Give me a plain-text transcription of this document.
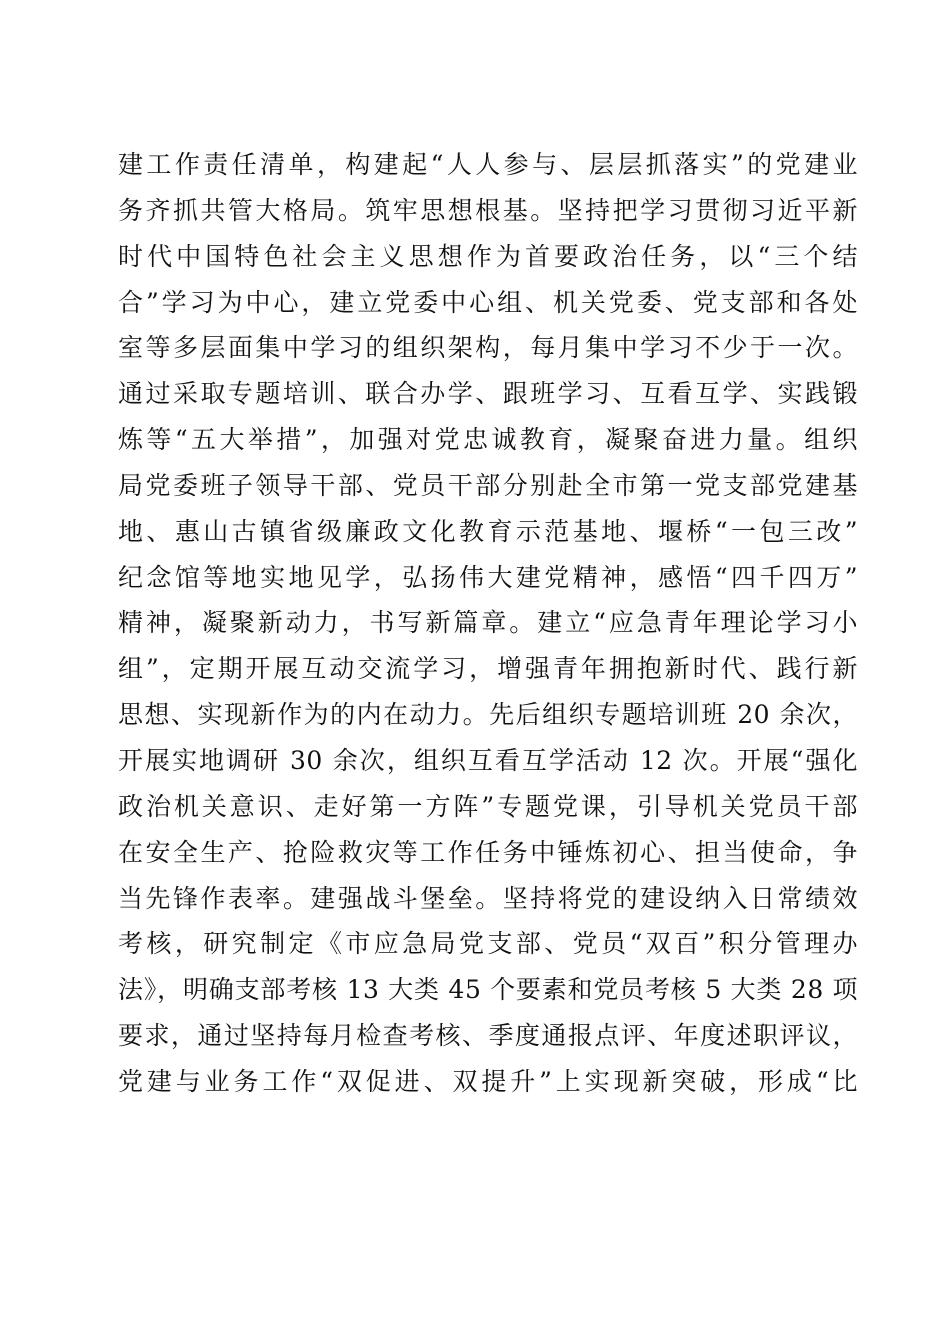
建工作责任清单，构建起“人人参与、层层抓落实”的党建业
务齐抓共管大格局。筑牢思想根基。坚持把学习贯彻习近平新
时代中国特色社会主义思想作为首要政治任务，以“三个结
合”学习为中心，建立党委中心组、机关党委、党支部和各处
室等多层面集中学习的组织架构，每月集中学习不少于一次。
通过采取专题培训、联合办学、跟班学习、互看互学、实践锻
炼等“五大举措”，加强对党忠诚教育，凝聚奋进力量。组织
局党委班子领导干部、党员干部分别赴全市第一党支部党建基
地、惠山古镇省级廉政文化教育示范基地、堰桥“一包三改”
纪念馆等地实地见学，弘扬伟大建党精神，感悟“四千四万”
精神，凝聚新动力，书写新篇章。建立“应急青年理论学习小
组”，定期开展互动交流学习，增强青年拥抱新时代、践行新
思想、实现新作为的内在动力。先后组织专题培训班 20 余次，
开展实地调研 30 余次，组织互看互学活动 12 次。开展“强化
政治机关意识、走好第一方阵”专题党课，引导机关党员干部
在安全生产、抢险救灾等工作任务中锤炼初心、担当使命，争
当先锋作表率。建强战斗堡垒。坚持将党的建设纳入日常绩效
考核，研究制定《市应急局党支部、党员“双百”积分管理办
法》，明确支部考核 13 大类 45 个要素和党员考核 5 大类 28 项
要求，通过坚持每月检查考核、季度通报点评、年度述职评议，
党建与业务工作“双促进、双提升”上实现新突破，形成“比
